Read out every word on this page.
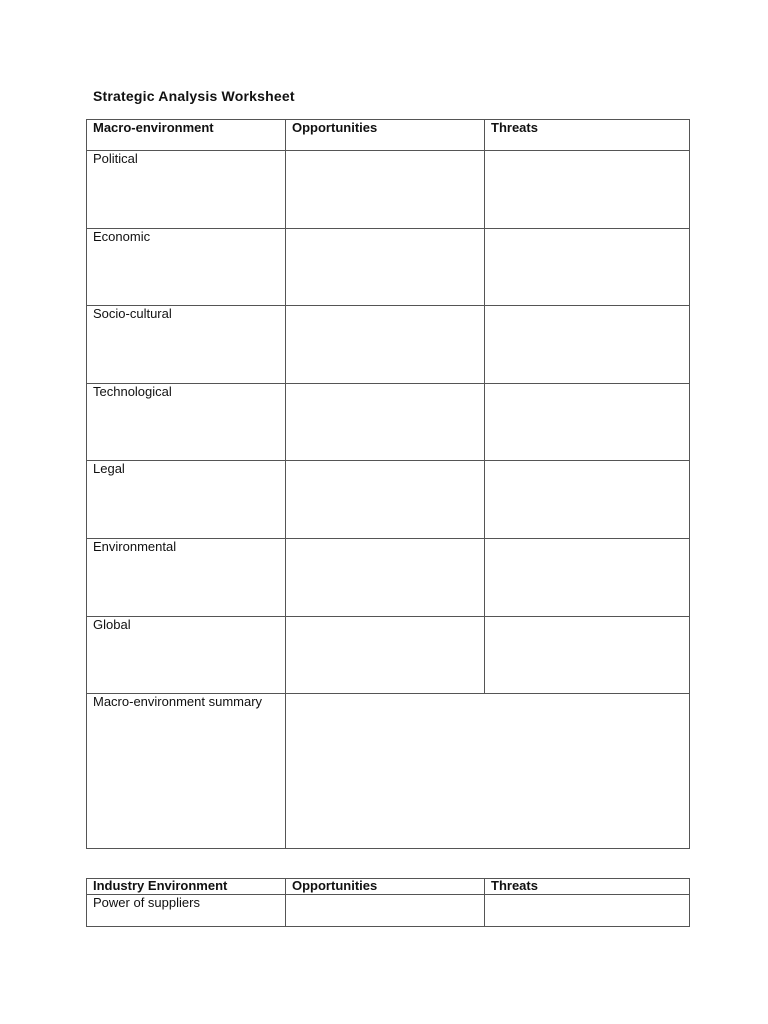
Strategic Analysis Worksheet
Macro-environment	Opportunities	Threats
Political		
Economic		
Socio-cultural		
Technological		
Legal		
Environmental		
Global		
Macro-environment summary		
Industry Environment	Opportunities	Threats
Power of suppliers		
